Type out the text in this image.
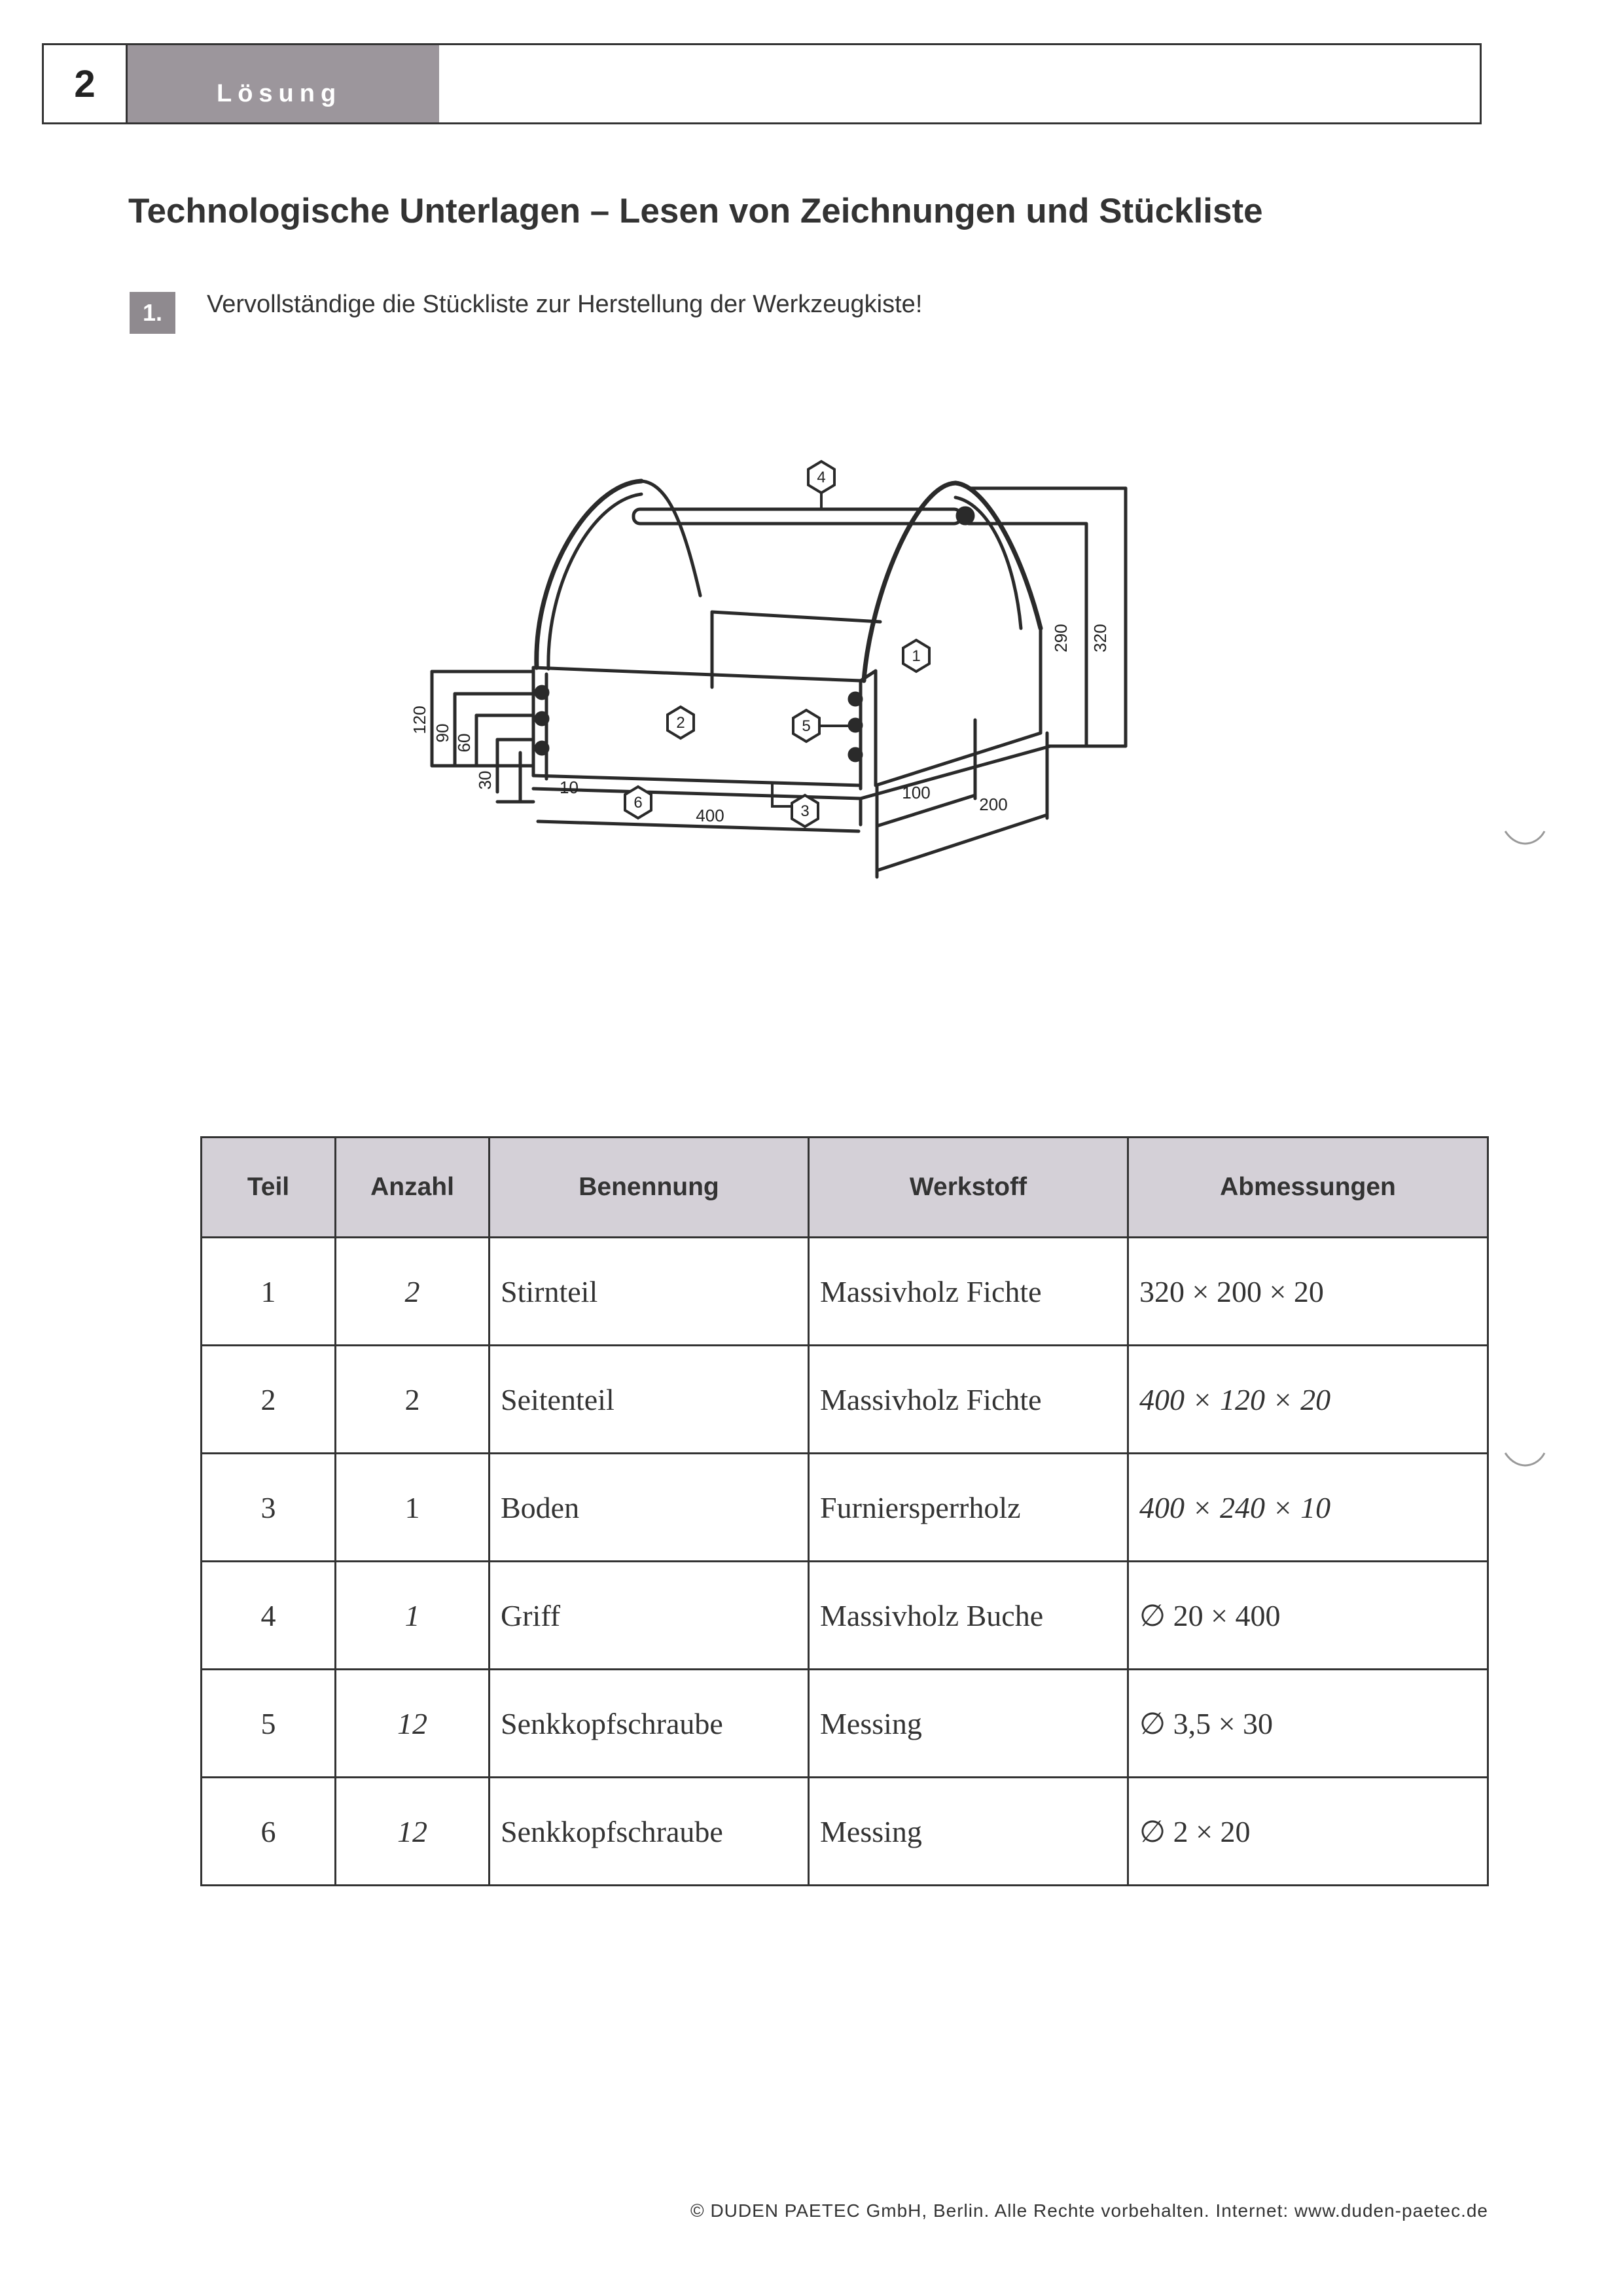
2	Lösung
Technologische Unterlagen – Lesen von Zeichnungen und Stückliste
1.	Vervollständige die Stückliste zur Herstellung der Werkzeugkiste!
4
1
2	5
6	3
120 90
60
30	10
400
100
200
290 320
Teil	Anzahl	Benennung	Werkstoff	Abmessungen
1	2	Stirnteil	Massivholz Fichte	320 × 200 × 20
2	2	Seitenteil	Massivholz Fichte	400 × 120 × 20
3	1	Boden	Furniersperrholz	400 × 240 × 10
4	1	Griff	Massivholz Buche	∅ 20 × 400
5	12	Senkkopfschraube	Messing	∅ 3,5 × 30
6	12	Senkkopfschraube	Messing	∅ 2 × 20
© DUDEN PAETEC GmbH, Berlin. Alle Rechte vorbehalten. Internet: www.duden-paetec.de
